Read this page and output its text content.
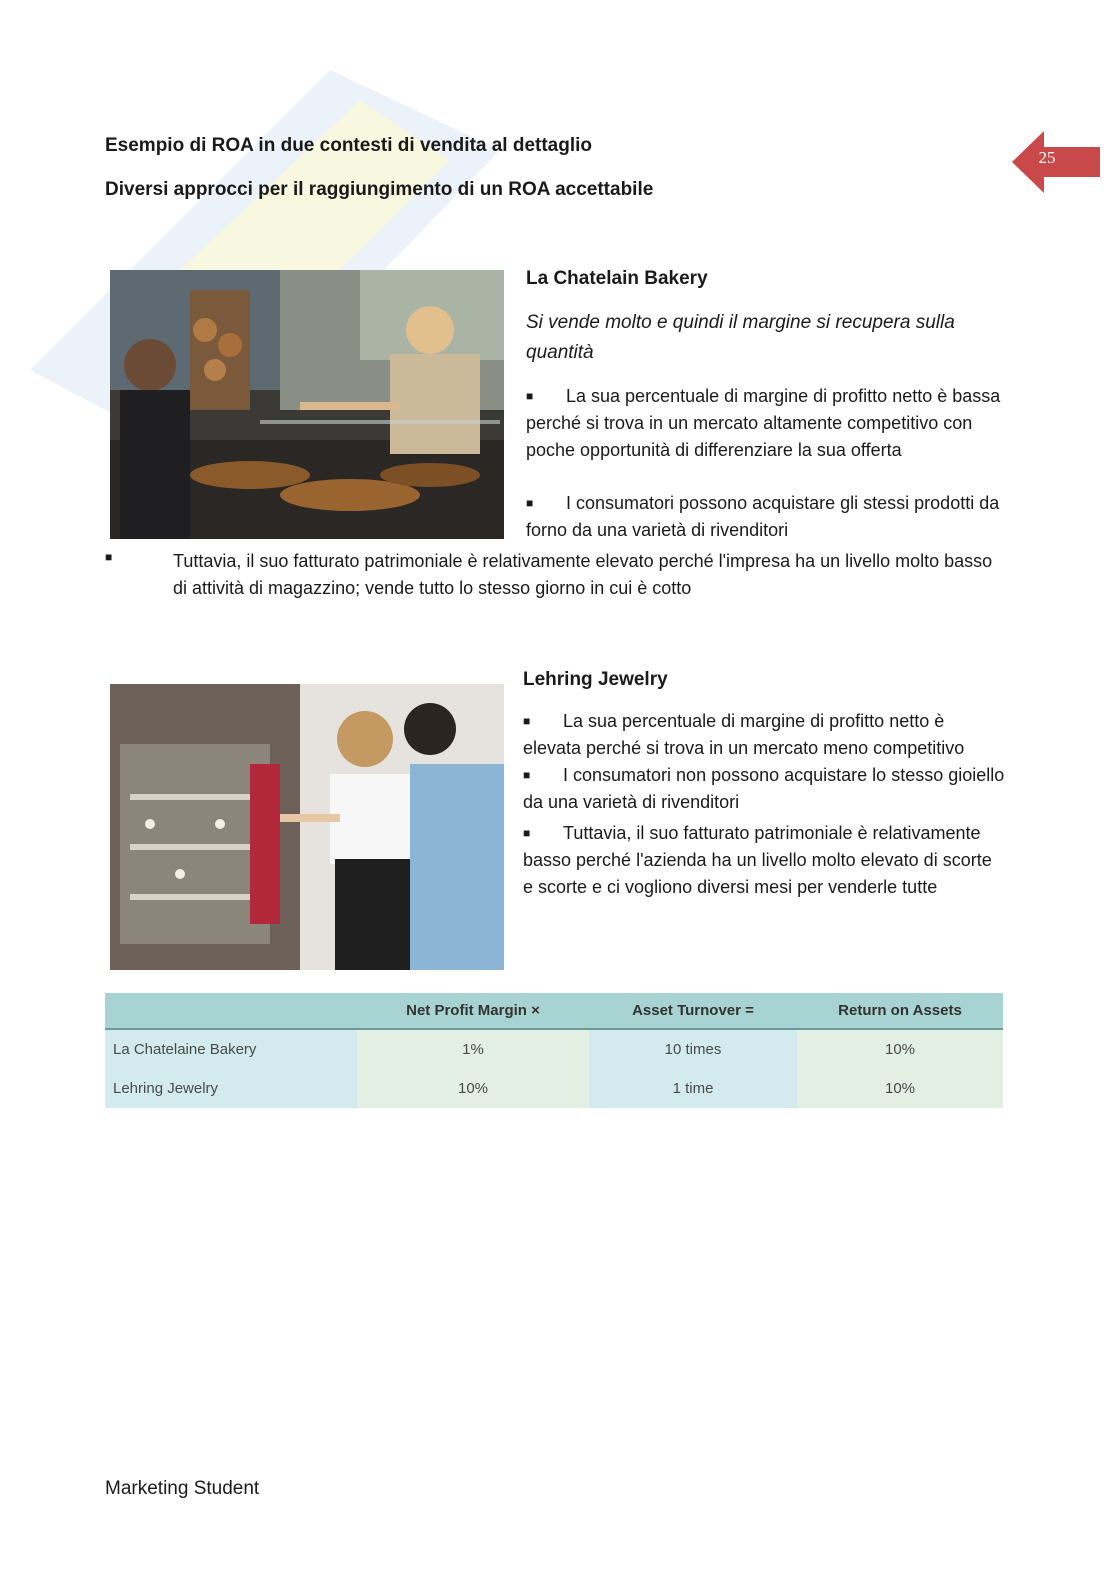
Esempio di ROA in due contesti di vendita al dettaglio
Diversi approcci per il raggiungimento di un ROA accettabile
25
La Chatelain Bakery
Si vende molto e quindi il margine si recupera sulla quantità
■ La sua percentuale di margine di profitto netto è bassa perché si trova in un mercato altamente competitivo con poche opportunità di differenziare la sua offerta
■ I consumatori possono acquistare gli stessi prodotti da forno da una varietà di rivenditori
■	Tuttavia, il suo fatturato patrimoniale è relativamente elevato perché l'impresa ha un livello molto basso di attività di magazzino; vende tutto lo stesso giorno in cui è cotto
Lehring Jewelry
■ La sua percentuale di margine di profitto netto è elevata perché si trova in un mercato meno competitivo
■ I consumatori non possono acquistare lo stesso gioiello da una varietà di rivenditori
■ Tuttavia, il suo fatturato patrimoniale è relativamente basso perché l'azienda ha un livello molto elevato di scorte e scorte e ci vogliono diversi mesi per venderle tutte
	Net Profit Margin ×	Asset Turnover =	Return on Assets
La Chatelaine Bakery	1%	10 times	10%
Lehring Jewelry	10%	1 time	10%
Marketing Student
